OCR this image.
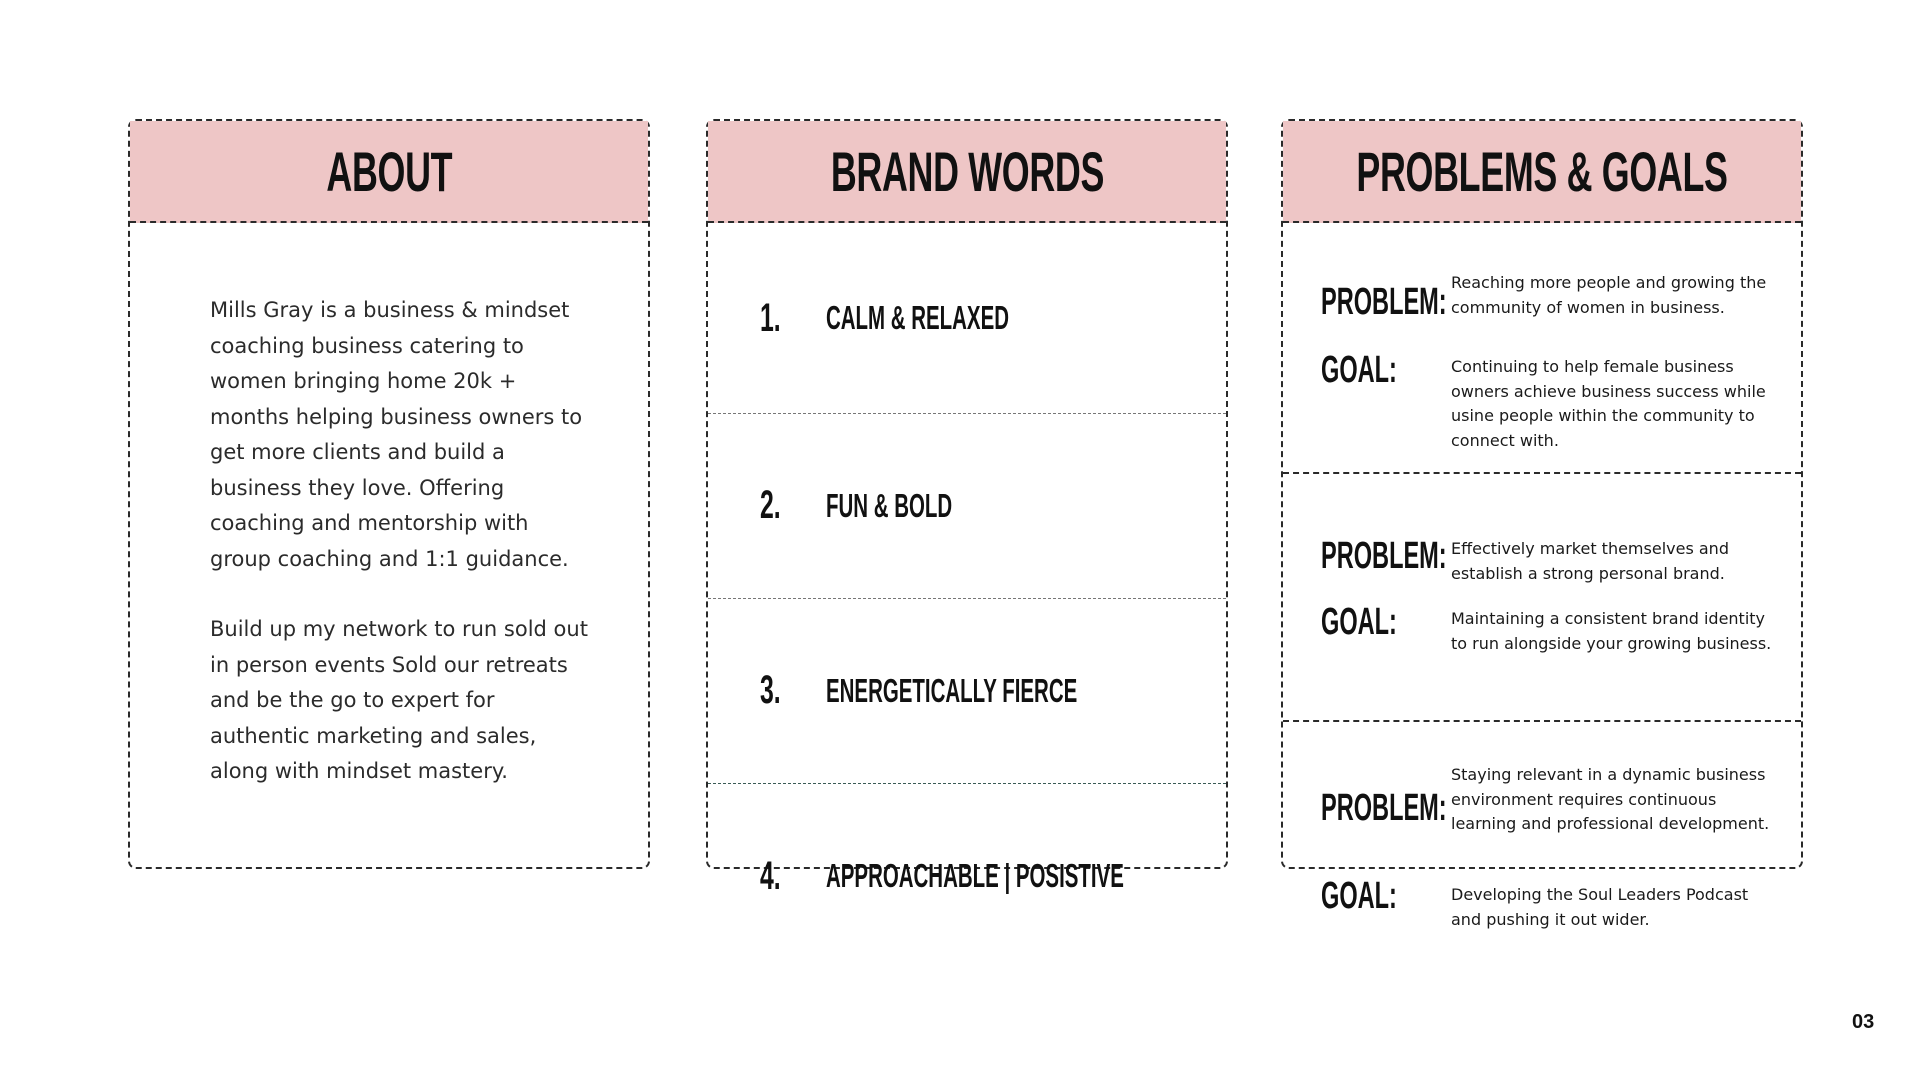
ABOUT

Mills Gray is a business & mindset coaching business catering to women bringing home 20k + months helping business owners to get more clients and build a business they love. Offering coaching and mentorship with group coaching and 1:1 guidance.

Build up my network to run sold out in person events Sold our retreats and be the go to expert for authentic marketing and sales, along with mindset mastery.

BRAND WORDS
1. CALM & RELAXED
2. FUN & BOLD
3. ENERGETICALLY FIERCE
4. APPROACHABLE | POSISTIVE
PROBLEMS & GOALS
PROBLEM: Reaching more people and growing the community of women in business.
GOAL:	Continuing to help female business owners achieve business success while usine people within the community to connect with.
PROBLEM: Effectively market themselves and establish a strong personal brand.
GOAL:	Maintaining a consistent brand identity to run alongside your growing business.
PROBLEM:
Staying relevant in a dynamic business environment requires continuous learning and professional development.
GOAL:	Developing the Soul Leaders Podcast and pushing it out wider.
03
